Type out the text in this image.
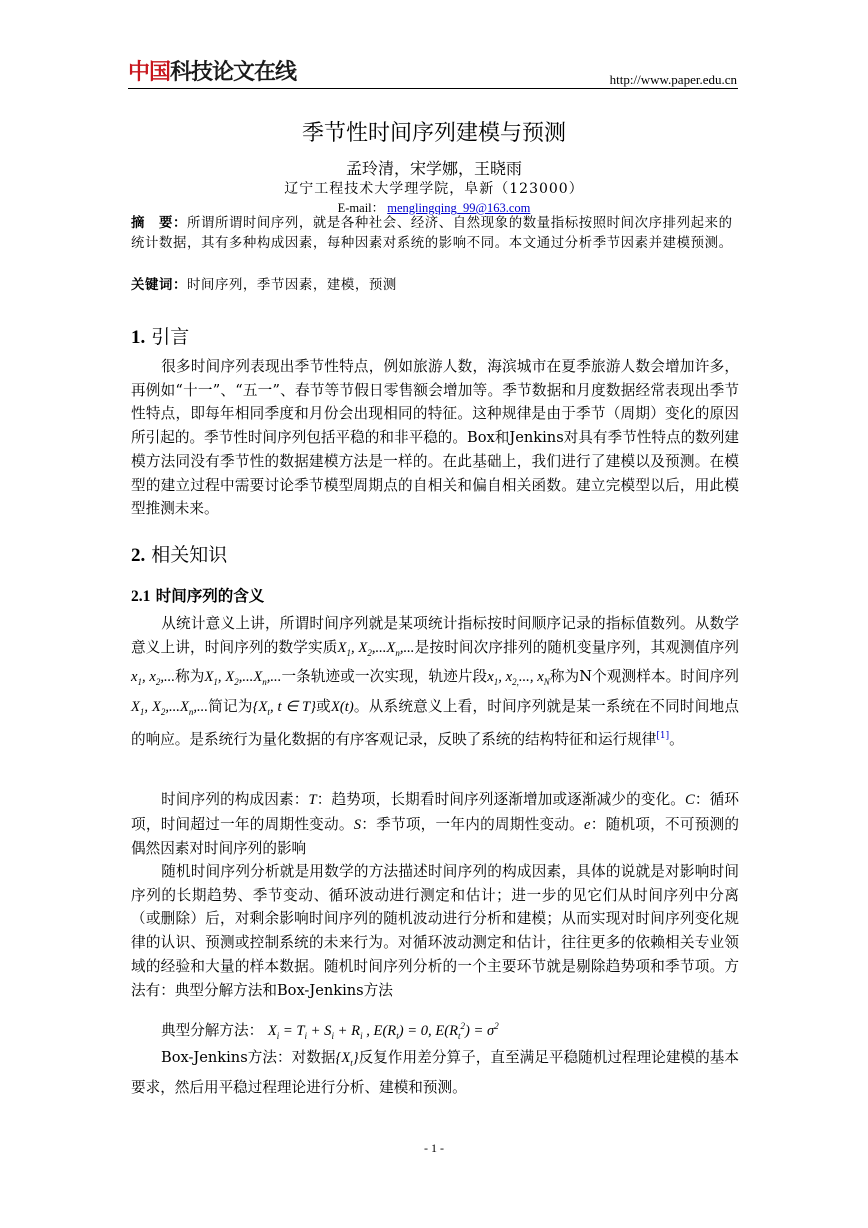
中国科技论文在线	http://www.paper.edu.cn
季节性时间序列建模与预测
孟玲清，宋学娜，王晓雨
辽宁工程技术大学理学院，阜新（123000）
E-mail： menglingqing_99@163.com
摘　要：所谓所谓时间序列，就是各种社会、经济、自然现象的数量指标按照时间次序排列起来的统计数据，其有多种构成因素，每种因素对系统的影响不同。本文通过分析季节因素并建模预测。
关键词：时间序列，季节因素，建模，预测
1. 引言
很多时间序列表现出季节性特点，例如旅游人数，海滨城市在夏季旅游人数会增加许多，再例如“十一”、“五一”、春节等节假日零售额会增加等。季节数据和月度数据经常表现出季节性特点，即每年相同季度和月份会出现相同的特征。这种规律是由于季节（周期）变化的原因所引起的。季节性时间序列包括平稳的和非平稳的。Box和Jenkins对具有季节性特点的数列建模方法同没有季节性的数据建模方法是一样的。在此基础上，我们进行了建模以及预测。在模型的建立过程中需要讨论季节模型周期点的自相关和偏自相关函数。建立完模型以后，用此模型推测未来。
2. 相关知识
2.1 时间序列的含义
从统计意义上讲，所谓时间序列就是某项统计指标按时间顺序记录的指标值数列。从数学意义上讲，时间序列的数学实质$X_1$, $X_2,...X_n$,...是按时间次序排列的随机变量序列，其观测值序列$x_1$, $x_2$,...称为$X_1$, $X_2,...X_n$,...一条轨迹或一次实现，轨迹片段$x_1$, $x_{2,}$..., $x_N$称为N个观测样本。时间序列$X_1$, $X_2,...X_n$,...简记为{$X_t$, t ∈ T}或X(t)。从系统意义上看，时间序列就是某一系统在不同时间地点的响应。是系统行为量化数据的有序客观记录，反映了系统的结构特征和运行规律[1]。
时间序列的构成因素：T：趋势项，长期看时间序列逐渐增加或逐渐减少的变化。C：循环项，时间超过一年的周期性变动。S：季节项，一年内的周期性变动。e：随机项，不可预测的偶然因素对时间序列的影响
随机时间序列分析就是用数学的方法描述时间序列的构成因素，具体的说就是对影响时间序列的长期趋势、季节变动、循环波动进行测定和估计；进一步的见它们从时间序列中分离（或删除）后，对剩余影响时间序列的随机波动进行分析和建模；从而实现对时间序列变化规律的认识、预测或控制系统的未来行为。对循环波动测定和估计，往往更多的依赖相关专业领域的经验和大量的样本数据。随机时间序列分析的一个主要环节就是剔除趋势项和季节项。方法有：典型分解方法和Box-Jenkins方法
典型分解方法： $X_i = T_i + S_i + R_i$ , $E(R_t) = 0$, $E(R_t^2) = \sigma^2$
Box-Jenkins方法：对数据$\{X_t\}$反复作用差分算子，直至满足平稳随机过程理论建模的基本要求，然后用平稳过程理论进行分析、建模和预测。
- 1 -
